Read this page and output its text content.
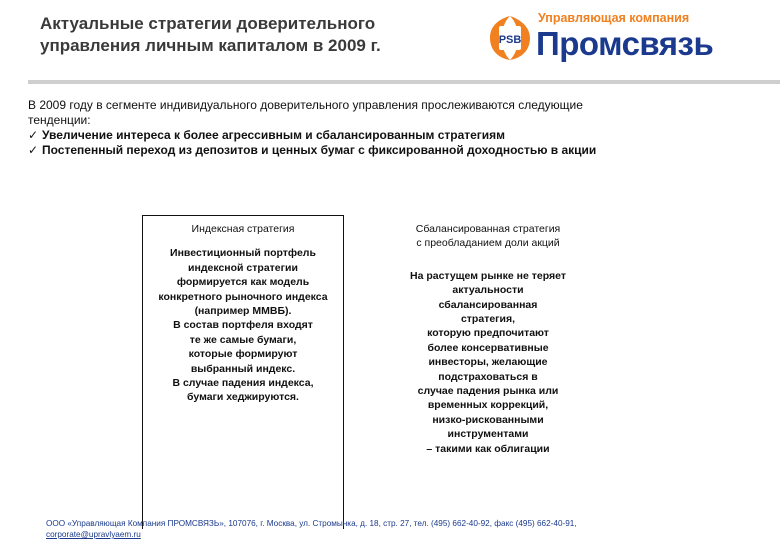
Актуальные стратегии доверительного
управления личным капиталом в 2009 г.	PSB
Управляющая компания
Промсвязь

В 2009 году в сегменте индивидуального доверительного управления прослеживаются следующие
тенденции:

✓ Увеличение интереса к более агрессивным и сбалансированным стратегиям
✓ Постепенный переход из депозитов и ценных бумаг с фиксированной доходностью в акции
Индексная стратегия
Инвестиционный портфель
индексной стратегии
формируется как модель
конкретного рыночного индекса
(например ММВБ).
В состав портфеля входят
те же самые бумаги,
которые формируют
выбранный индекс.
В случае падения индекса,
бумаги хеджируются.
Сбалансированная стратегия
с преобладанием доли акций
На растущем рынке не теряет
актуальности
сбалансированная
стратегия,
которую предпочитают
более консервативные
инвесторы, желающие
подстраховаться в
случае падения рынка или
временных коррекций,
низко-рискованными
инструментами
– такими как облигации
ООО «Управляющая Компания ПРОМСВЯЗЬ», 107076, г. Москва, ул. Стромынка, д. 18, стр. 27, тел. (495) 662-40-92, факс (495) 662-40-91,
corporate@upravlyaem.ru
